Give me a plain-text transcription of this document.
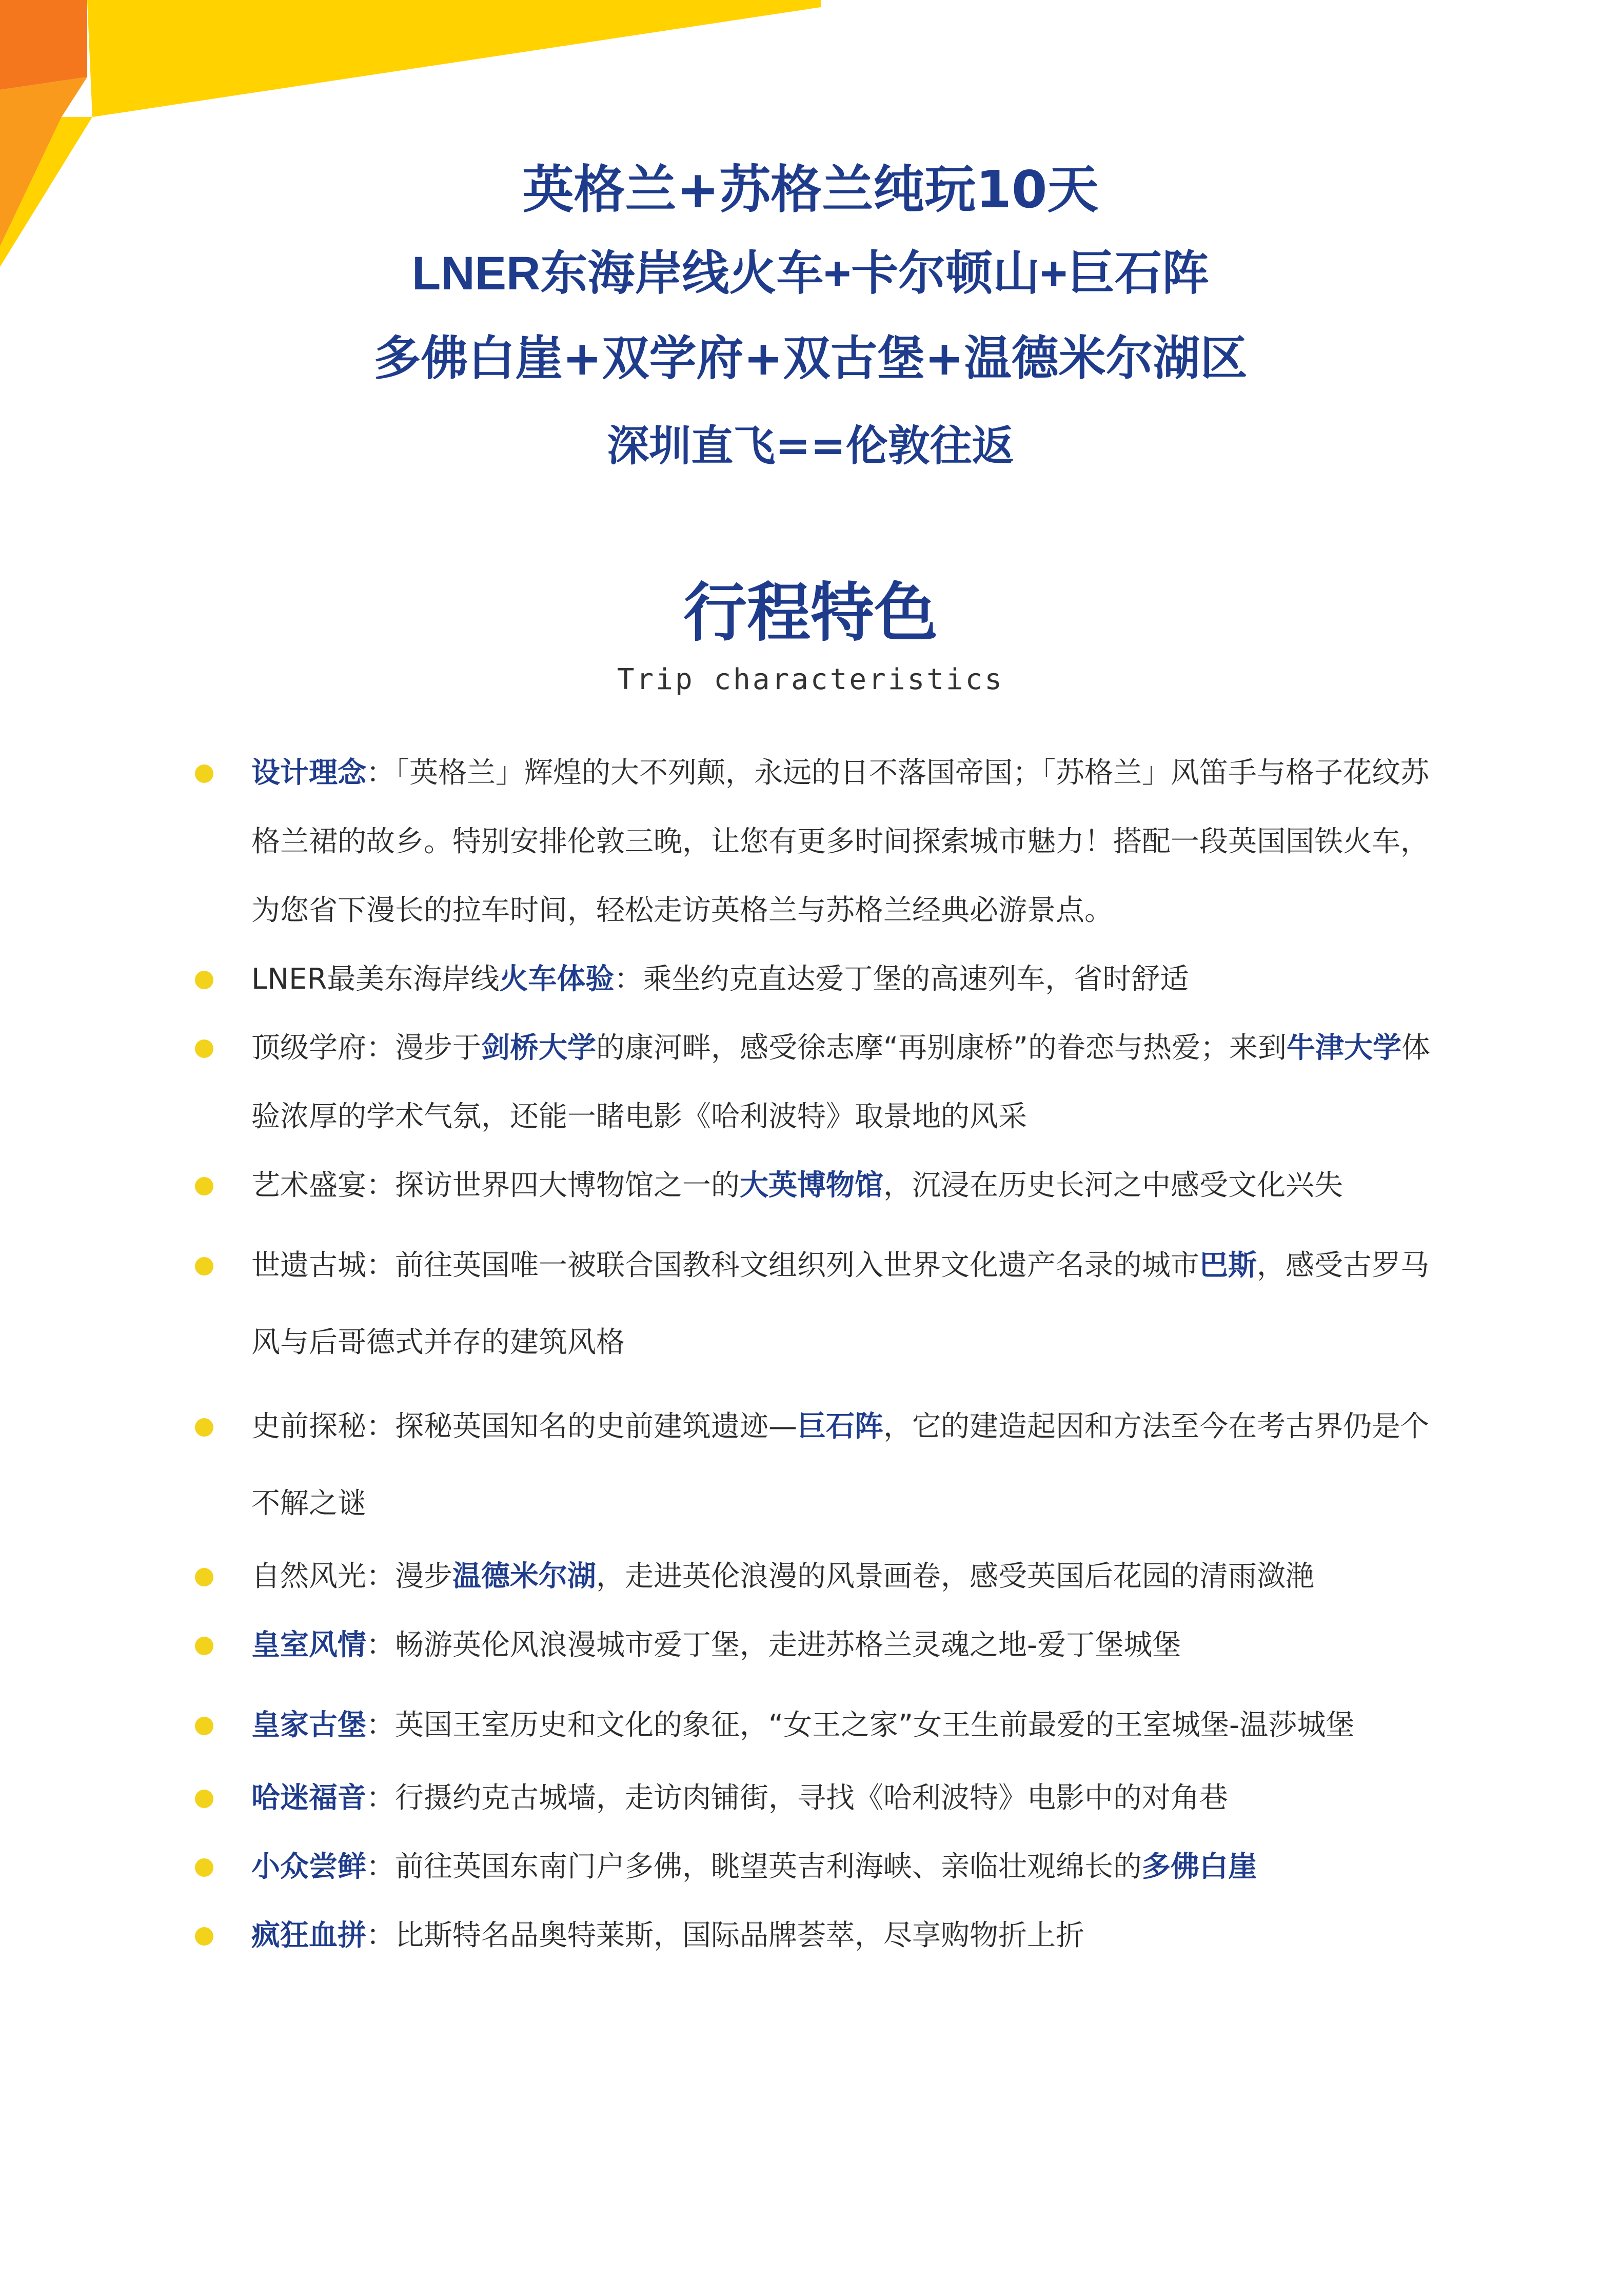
英格兰+苏格兰纯玩10天
LNER东海岸线火车+卡尔顿山+巨石阵
多佛白崖+双学府+双古堡+温德米尔湖区
深圳直飞==伦敦往返
行程特色
Trip characteristics
设计理念：「英格兰」辉煌的大不列颠，永远的日不落国帝国；「苏格兰」风笛手与格子花纹苏格兰裙的故乡。特别安排伦敦三晚，让您有更多时间探索城市魅力！搭配一段英国国铁火车，为您省下漫长的拉车时间，轻松走访英格兰与苏格兰经典必游景点。
LNER最美东海岸线火车体验：乘坐约克直达爱丁堡的高速列车，省时舒适
顶级学府：漫步于剑桥大学的康河畔，感受徐志摩“再别康桥”的眷恋与热爱；来到牛津大学体验浓厚的学术气氛，还能一睹电影《哈利波特》取景地的风采
艺术盛宴：探访世界四大博物馆之一的大英博物馆，沉浸在历史长河之中感受文化兴失
世遗古城：前往英国唯一被联合国教科文组织列入世界文化遗产名录的城市巴斯，感受古罗马风与后哥德式并存的建筑风格
史前探秘：探秘英国知名的史前建筑遗迹—巨石阵，它的建造起因和方法至今在考古界仍是个不解之谜
自然风光：漫步温德米尔湖，走进英伦浪漫的风景画卷，感受英国后花园的清雨潋滟
皇室风情：畅游英伦风浪漫城市爱丁堡，走进苏格兰灵魂之地-爱丁堡城堡
皇家古堡：英国王室历史和文化的象征，“女王之家”女王生前最爱的王室城堡-温莎城堡
哈迷福音：行摄约克古城墙，走访肉铺街，寻找《哈利波特》电影中的对角巷
小众尝鲜：前往英国东南门户多佛，眺望英吉利海峡、亲临壮观绵长的多佛白崖
疯狂血拼：比斯特名品奥特莱斯，国际品牌荟萃，尽享购物折上折
